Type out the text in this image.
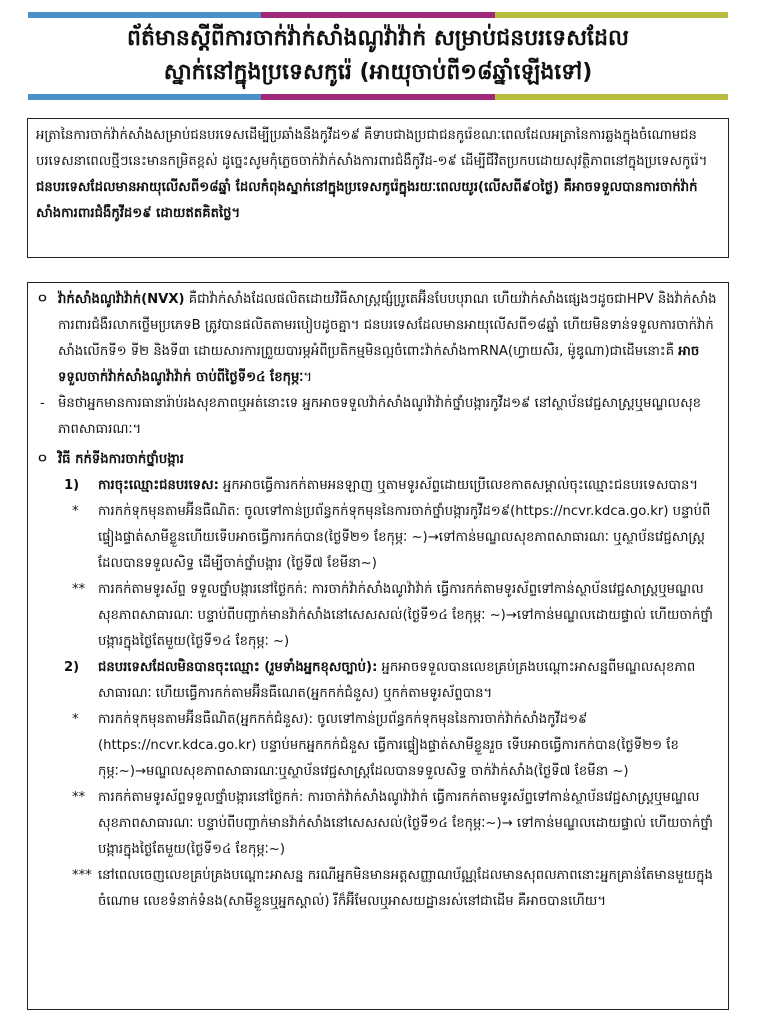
ព័ត៌មានស្តីពីការចាក់វ៉ាក់សាំងណូវ៉ាវ៉ាក់ សម្រាប់ជនបរទេសដែល
ស្នាក់នៅក្នុងប្រទេសកូរ៉េ (អាយុចាប់ពី១៨ឆ្នាំឡើងទៅ)

អត្រានៃការចាក់វ៉ាក់សាំងសម្រាប់ជនបរទេសដើម្បីប្រឆាំងនឹងកូវីដ១៩ គឺទាបជាងប្រជាជនកូរ៉េខណៈពេលដែលអត្រានៃការឆ្លងក្នុងចំណោមជនបរទេសនាពេលថ្មីៗនេះមានកម្រិតខ្ពស់ ដូច្នេះសូមកុំភ្លេចចាក់វ៉ាក់សាំងការពារជំងឺកូវីដ-១៩ ដើម្បីជីវិតប្រកបដោយសុវត្ថិភាពនៅក្នុងប្រទេសកូរ៉េ។

ជនបរទេសដែលមានអាយុលើសពី១៨ឆ្នាំ ដែលកំពុងស្នាក់នៅក្នុងប្រទេសកូរ៉េក្នុងរយៈពេលយូរ(លើសពី៩០ថ្ងៃ) គឺអាចទទួលបានការចាក់វ៉ាក់សាំងការពារជំងឺកូវីដ១៩ ដោយឥតគិតថ្លៃ។

ㅇ វ៉ាក់សាំងណូវ៉ាវ៉ាក់(NVX) គឺជាវ៉ាក់សាំងដែលផលិតដោយវិធីសាស្ត្រផ្សំប្រូតេអ៊ីនបែបបុរាណ ហើយវ៉ាក់សាំងផ្សេងៗដូចជាHPV និងវ៉ាក់សាំងការពារជំងឺរលាកថ្លើមប្រភេទB ត្រូវបានផលិតតាមរបៀបដូចគ្នា។ ជនបរទេសដែលមានអាយុលើសពី១៨ឆ្នាំ ហើយមិនទាន់ទទួលការចាក់វ៉ាក់សាំងលើកទី១ ទី២ និងទី៣ ដោយសារការព្រួយបារម្ភអំពីប្រតិកម្មមិនល្អចំពោះវ៉ាក់សាំងmRNA(ហ្វាយសឺរ, ម៉ូឌូណា)ជាដើមនោះគឺ អាចទទួលចាក់វ៉ាក់សាំងណូវ៉ាវ៉ាក់ ចាប់ពីថ្ងៃទី១៤ ខែកុម្ភៈ។

-	មិនថាអ្នកមានការធានារ៉ាប់រងសុខភាពឬអត់នោះទេ អ្នកអាចទទួលវ៉ាក់សាំងណូវ៉ាវ៉ាក់ថ្នាំបង្ការកូវីដ១៩ នៅស្ថាប័នវេជ្ជសាស្ត្រឬមណ្ឌលសុខភាពសាធារណៈ។

ㅇ វិធី កក់ទីងការចាក់ថ្នាំបង្ការ

1)	ការចុះឈ្មោះជនបរទេស: អ្នកអាចធ្វើការកក់តាមអនឡាញ ឬតាមទូរស័ព្ទដោយប្រើលេខកាតសម្គាល់ចុះឈ្មោះជនបរទេសបាន។

*	ការកក់ទុកមុនតាមអ៊ីនធឺណិត: ចូលទៅកាន់ប្រព័ន្ធកក់ទុកមុននៃការចាក់ថ្នាំបង្ការកូវីដ១៩(https://ncvr.kdca.go.kr) បន្ទាប់ពីផ្ទៀងផ្ទាត់សាមីខ្លួនហើយទើបអាចធ្វើការកក់បាន(ថ្ងៃទី២១ ខែកុម្ភៈ ~)→ទៅកាន់មណ្ឌលសុខភាពសាធារណៈ ឬស្ថាប័នវេជ្ជសាស្ត្រដែលបានទទួលសិទ្ធ ដើម្បីចាក់ថ្នាំបង្ការ (ថ្ងៃទី៧ ខែមីនា~)

** ការកក់តាមទូរស័ព្ទ ទទួលថ្នាំបង្ការនៅថ្ងៃកក់: ការចាក់វ៉ាក់សាំងណូវ៉ាវ៉ាក់ ធ្វើការកក់តាមទូរស័ព្ទទៅកាន់ស្ថាប័នវេជ្ជសាស្ត្រឬមណ្ឌលសុខភាពសាធារណៈ បន្ទាប់ពីបញ្ជាក់មានវ៉ាក់សាំងនៅសេសសល់(ថ្ងៃទី១៤ ខែកុម្ភៈ ~)→ទៅកាន់មណ្ឌលដោយផ្ទាល់ ហើយចាក់ថ្នាំបង្ការក្នុងថ្ងៃតែមួយ(ថ្ងៃទី១៤ ខែកុម្ភៈ ~)

2)	ជនបរទេសដែលមិនបានចុះឈ្មោះ (រួមទាំងអ្នកខុសច្បាប់): អ្នកអាចទទួលបានលេខគ្រប់គ្រងបណ្តោះអាសន្នពីមណ្ឌលសុខភាពសាធារណៈ ហើយធ្វើការកក់តាមអ៊ីនធឺណេត(អ្នកកក់ជំនួស) ឬកក់តាមទូរស័ព្ទបាន។

*	ការកក់ទុកមុនតាមអ៊ីនធឺណិត(អ្នកកក់ជំនួស): ចូលទៅកាន់ប្រព័ន្ធកក់ទុកមុននៃការចាក់វ៉ាក់សាំងកូវីដ១៩ (https://ncvr.kdca.go.kr) បន្ទាប់មកអ្នកកក់ជំនួស ធ្វើការផ្ទៀងផ្ទាត់សាមីខ្លួនរួច ទើបអាចធ្វើការកក់បាន(ថ្ងៃទី២១ ខែកុម្ភៈ~)→មណ្ឌលសុខភាពសាធារណៈឬស្ថាប័នវេជ្ជសាស្ត្រដែលបានទទួលសិទ្ធ ចាក់វ៉ាក់សាំង(ថ្ងៃទី៧ ខែមីនា ~)

** ការកក់តាមទូរស័ព្ទទទួលថ្នាំបង្ការនៅថ្ងៃកក់: ការចាក់វ៉ាក់សាំងណូវ៉ាវ៉ាក់ ធ្វើការកក់តាមទូរស័ព្ទទៅកាន់ស្ថាប័នវេជ្ជសាស្ត្រឬមណ្ឌលសុខភាពសាធារណៈ បន្ទាប់ពីបញ្ជាក់មានវ៉ាក់សាំងនៅសេសសល់(ថ្ងៃទី១៤ ខែកុម្ភៈ~)→ ទៅកាន់មណ្ឌលដោយផ្ទាល់ ហើយចាក់ថ្នាំបង្ការក្នុងថ្ងៃតែមួយ(ថ្ងៃទី១៤ ខែកុម្ភៈ~)

*** នៅពេលចេញលេខគ្រប់គ្រងបណ្តោះអាសន្ន ករណីអ្នកមិនមានអត្តសញ្ញាណប័ណ្ណដែលមានសុពលភាពនោះអ្នកគ្រាន់តែមានមួយក្នុងចំណោម លេខទំនាក់ទំនង(សាមីខ្លួនឬអ្នកស្គាល់) រឺក៏អ៊ីមែលឬអាសយដ្ឋានរស់នៅជាដើម គឺអាចបានហើយ។
